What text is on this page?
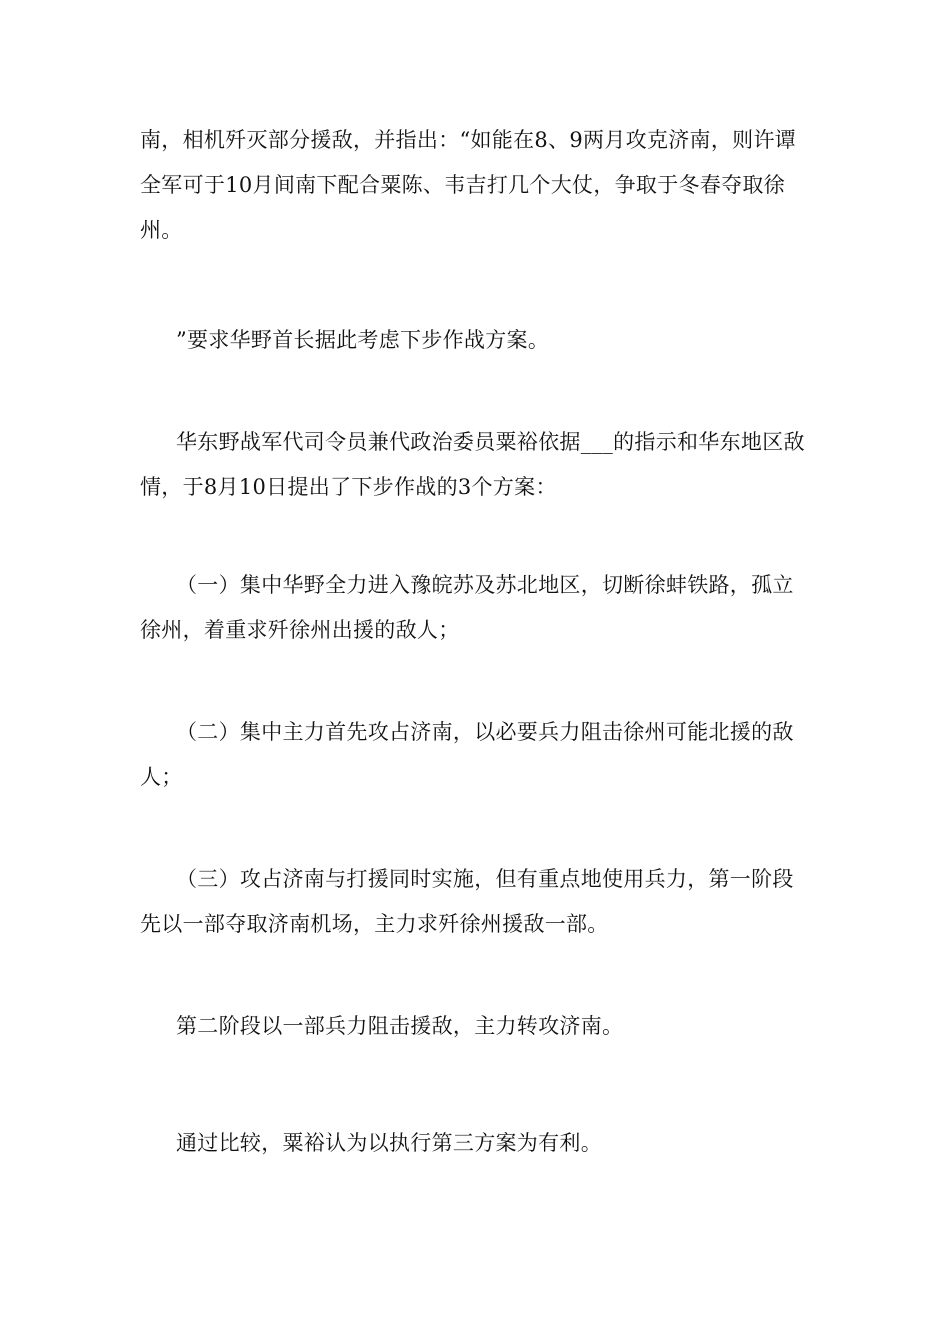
南，相机歼灭部分援敌，并指出：“如能在8、9两月攻克济南，则许谭全军可于10月间南下配合粟陈、韦吉打几个大仗，争取于冬春夺取徐州。

”要求华野首长据此考虑下步作战方案。

华东野战军代司令员兼代政治委员粟裕依据___的指示和华东地区敌情，于8月10日提出了下步作战的3个方案：

（一）集中华野全力进入豫皖苏及苏北地区，切断徐蚌铁路，孤立徐州，着重求歼徐州出援的敌人；

（二）集中主力首先攻占济南，以必要兵力阻击徐州可能北援的敌人；

（三）攻占济南与打援同时实施，但有重点地使用兵力，第一阶段先以一部夺取济南机场，主力求歼徐州援敌一部。

第二阶段以一部兵力阻击援敌，主力转攻济南。

通过比较，粟裕认为以执行第三方案为有利。
